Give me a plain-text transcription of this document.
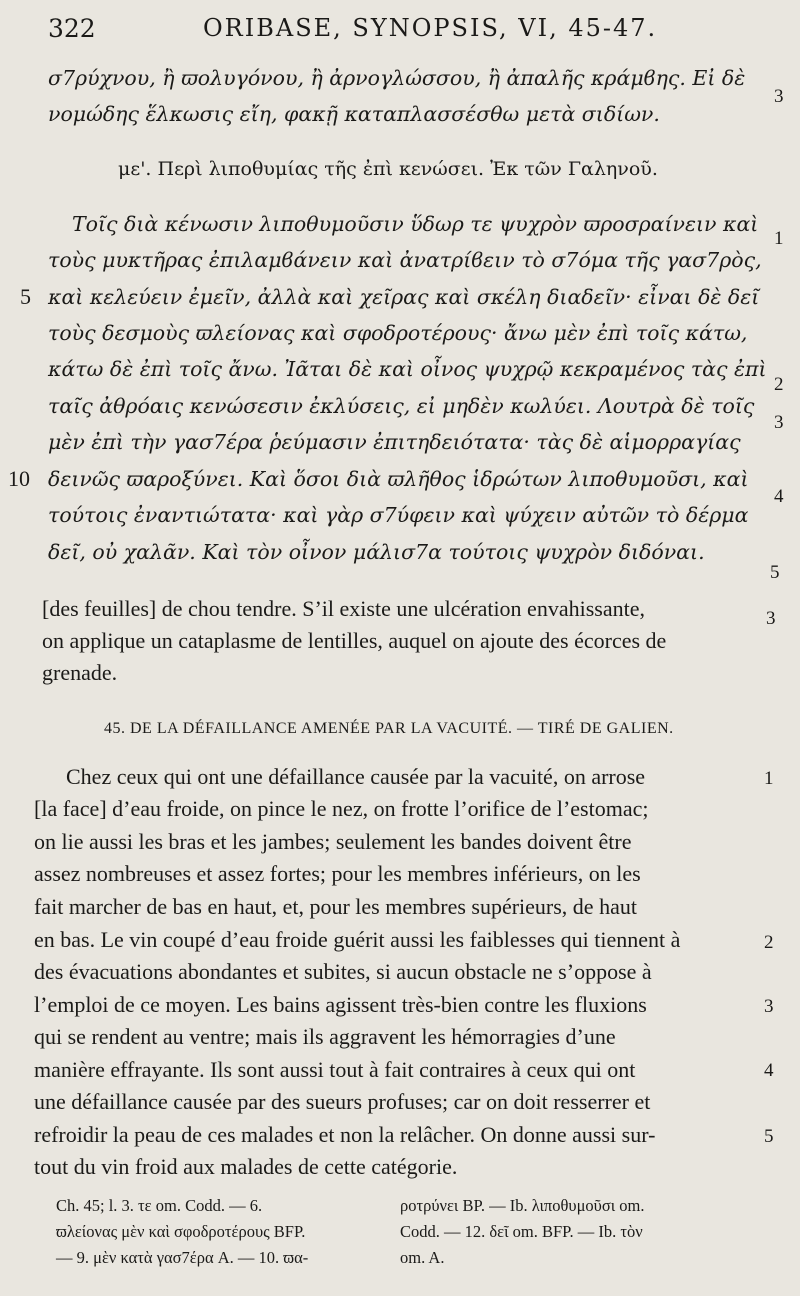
322	ORIBASE, SYNOPSIS, VI, 45-47.
σ7ρύχνου, ἢ ϖολυγόνου, ἢ ἀρνογλώσσου, ἢ ἀπαλῆς κράμϐης. Εἰ δὲ
νομώδης ἕλκωσις εἴη, φακῇ καταπλασσέσθω μετὰ σιδίων.
3
με'. Περὶ λιποθυμίας τῆς ἐπὶ κενώσει. Ἐκ τῶν Γαληνοῦ.
Τοῖς διὰ κένωσιν λιποθυμοῦσιν ὕδωρ τε ψυχρὸν ϖροσραίνειν καὶ
τοὺς μυκτῆρας ἐπιλαμϐάνειν καὶ ἀνατρίϐειν τὸ σ7όμα τῆς γασ7ρὸς,
καὶ κελεύειν ἐμεῖν, ἀλλὰ καὶ χεῖρας καὶ σκέλη διαδεῖν· εἶναι δὲ δεῖ
τοὺς δεσμοὺς ϖλείονας καὶ σφοδροτέρους· ἄνω μὲν ἐπὶ τοῖς κάτω,
κάτω δὲ ἐπὶ τοῖς ἄνω. Ἰᾶται δὲ καὶ οἶνος ψυχρῷ κεκραμένος τὰς ἐπὶ
ταῖς ἀθρόαις κενώσεσιν ἐκλύσεις, εἰ μηδὲν κωλύει. Λουτρὰ δὲ τοῖς
μὲν ἐπὶ τὴν γασ7έρα ῥεύμασιν ἐπιτηδειότατα· τὰς δὲ αἱμορραγίας
δεινῶς ϖαροξύνει. Καὶ ὅσοι διὰ ϖλῆθος ἱδρώτων λιποθυμοῦσι, καὶ
τούτοις ἐναντιώτατα· καὶ γὰρ σ7ύφειν καὶ ψύχειν αὐτῶν τὸ δέρμα
δεῖ, οὐ χαλᾶν. Καὶ τὸν οἶνον μάλισ7α τούτοις ψυχρὸν διδόναι.
5
10
1
2
3
4
5
[des feuilles] de chou tendre. S’il existe une ulcération envahissante,
on applique un cataplasme de lentilles, auquel on ajoute des écorces de
grenade.
3
45. DE LA DÉFAILLANCE AMENÉE PAR LA VACUITÉ. — TIRÉ DE GALIEN.
Chez ceux qui ont une défaillance causée par la vacuité, on arrose
[la face] d’eau froide, on pince le nez, on frotte l’orifice de l’estomac;
on lie aussi les bras et les jambes; seulement les bandes doivent être
assez nombreuses et assez fortes; pour les membres inférieurs, on les
fait marcher de bas en haut, et, pour les membres supérieurs, de haut
en bas. Le vin coupé d’eau froide guérit aussi les faiblesses qui tiennent à
des évacuations abondantes et subites, si aucun obstacle ne s’oppose à
l’emploi de ce moyen. Les bains agissent très-bien contre les fluxions
qui se rendent au ventre; mais ils aggravent les hémorragies d’une
manière effrayante. Ils sont aussi tout à fait contraires à ceux qui ont
une défaillance causée par des sueurs profuses; car on doit resserrer et
refroidir la peau de ces malades et non la relâcher. On donne aussi sur-
tout du vin froid aux malades de cette catégorie.
1
2
3
4
5
Ch. 45; l. 3. τε om. Codd. — 6.
ϖλείονας μὲν καὶ σφοδροτέρους BFP.
— 9. μὲν κατὰ γασ7έρα A. — 10. ϖα-
ροτρύνει BP. — Ib. λιποθυμοῦσι om.
Codd. — 12. δεῖ om. BFP. — Ib. τὸν
om. A.
